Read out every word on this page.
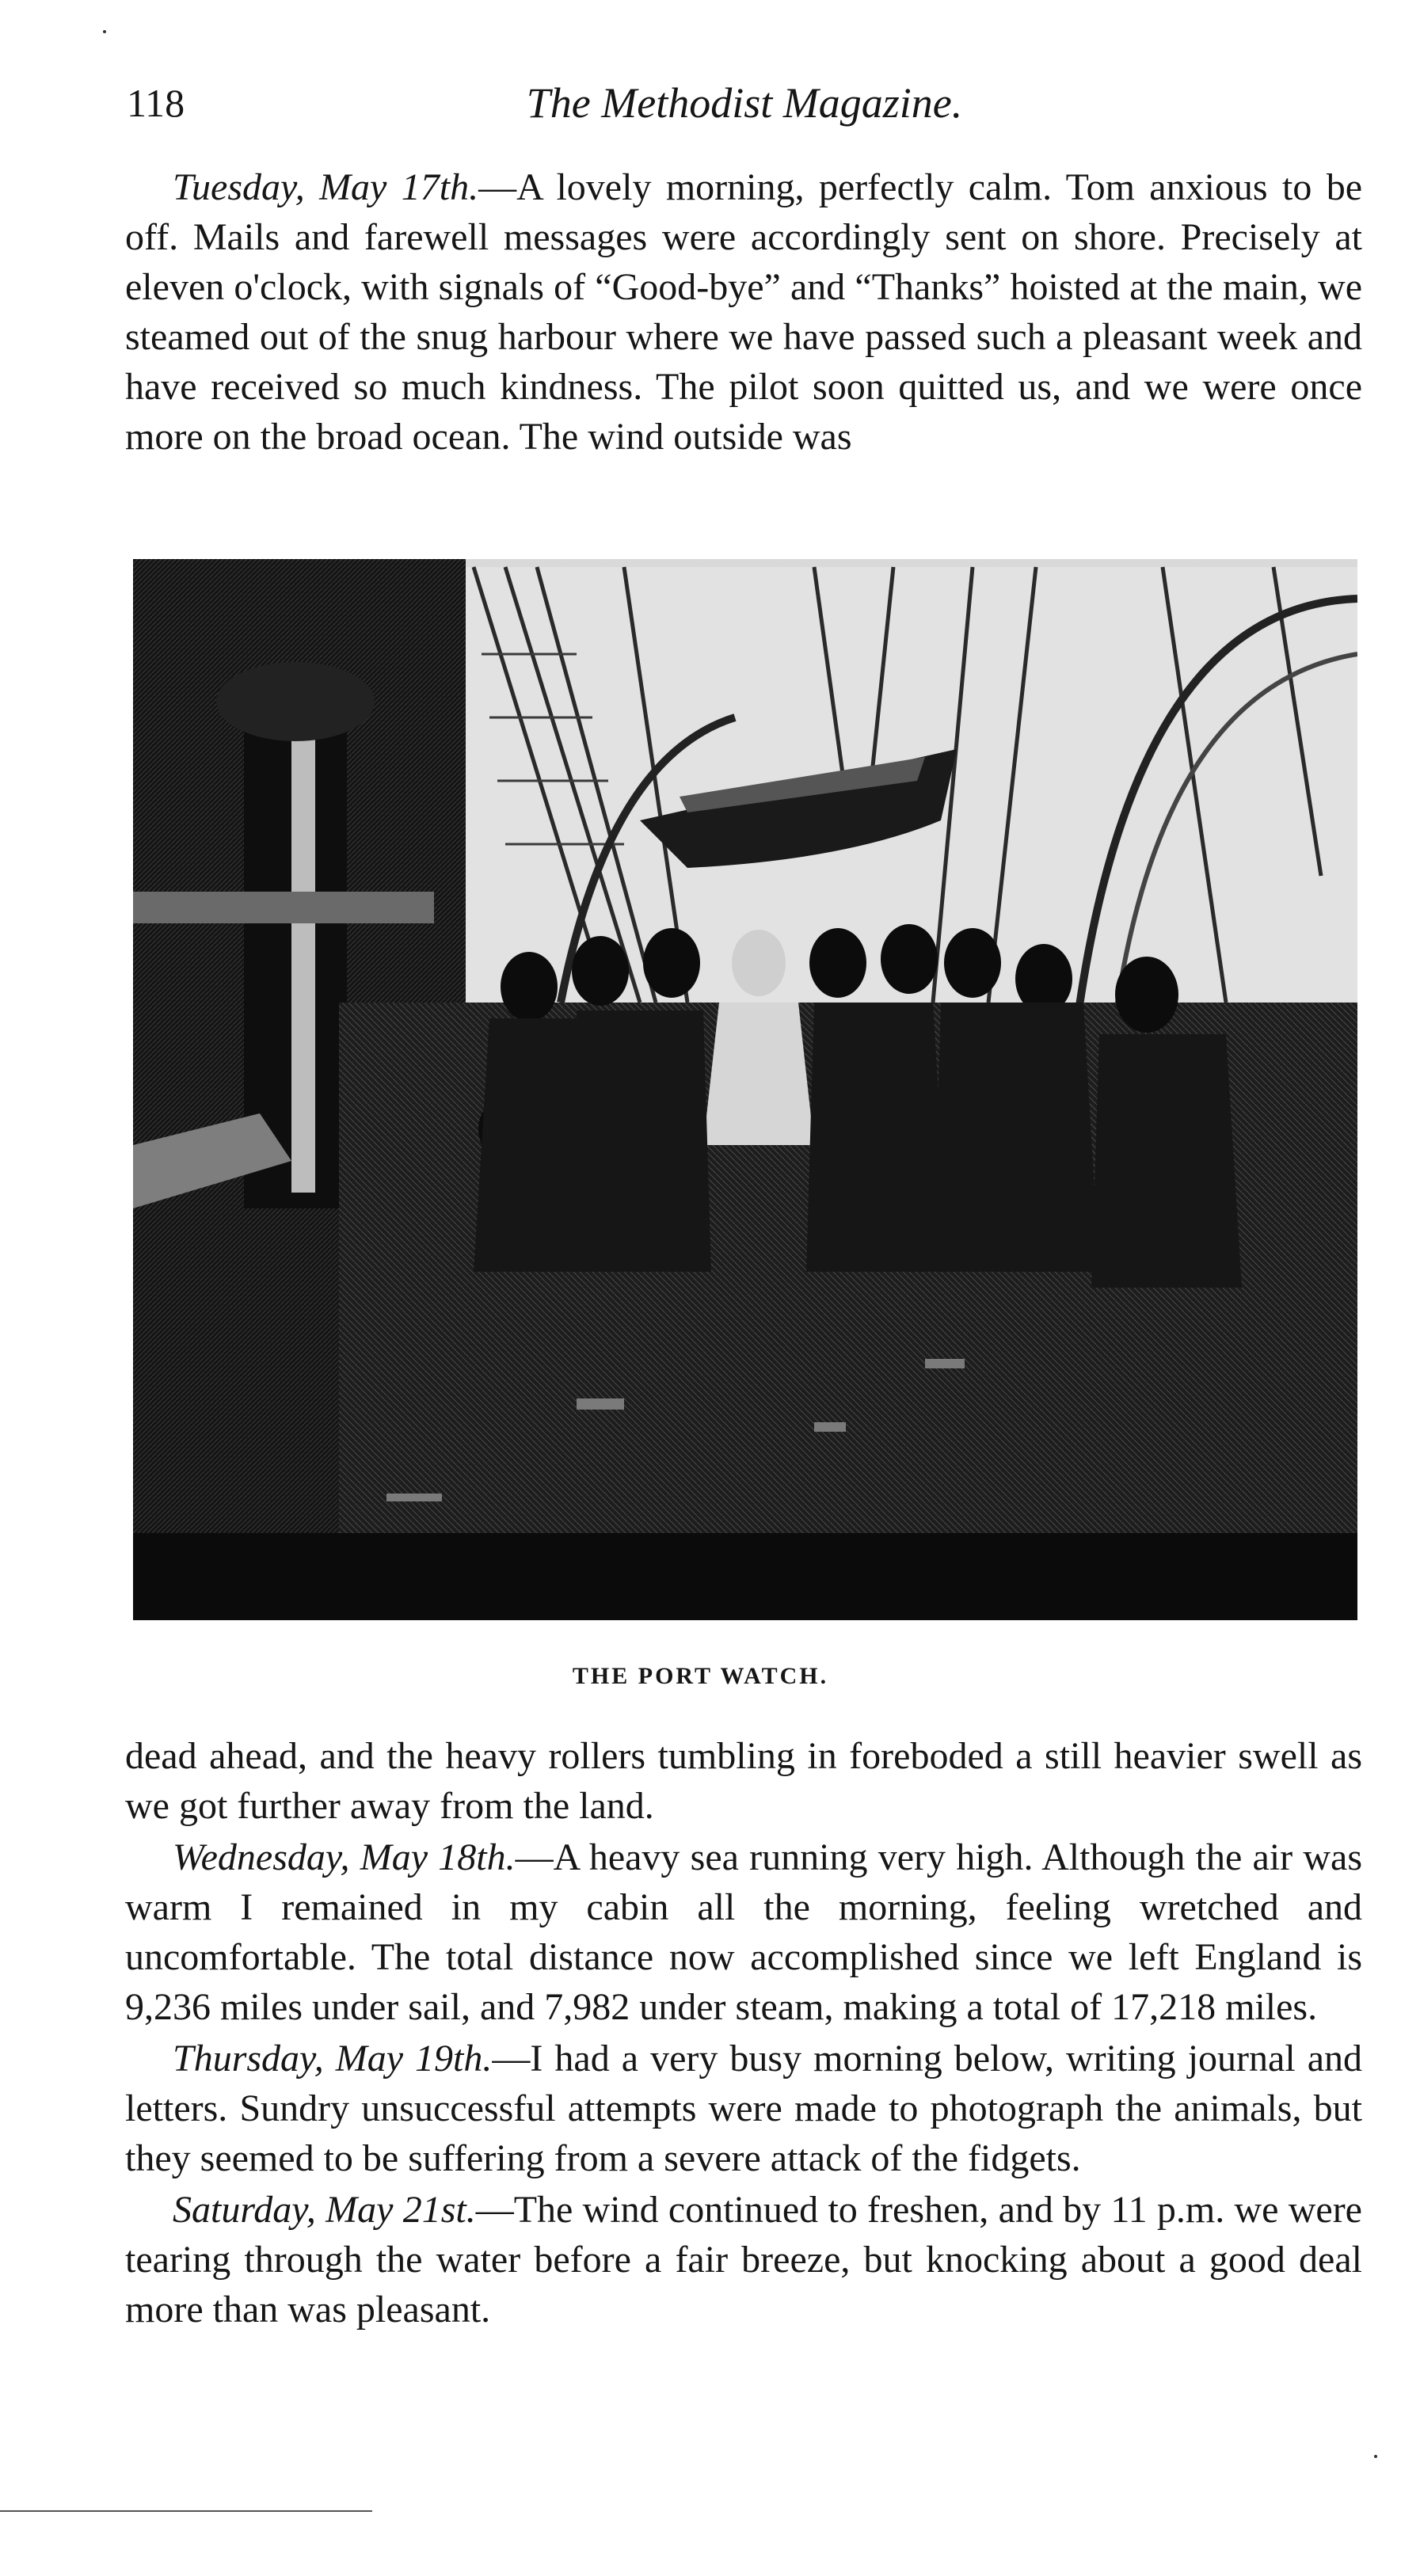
118	The Methodist Magazine.

Tuesday, May 17th.—A lovely morning, perfectly calm. Tom anxious to be off. Mails and farewell messages were accordingly sent on shore. Precisely at eleven o'clock, with signals of “Good-bye” and “Thanks” hoisted at the main, we steamed out of the snug harbour where we have passed such a pleasant week and have received so much kindness. The pilot soon quitted us, and we were once more on the broad ocean. The wind outside was

THE PORT WATCH.

dead ahead, and the heavy rollers tumbling in foreboded a still heavier swell as we got further away from the land.

Wednesday, May 18th.—A heavy sea running very high. Although the air was warm I remained in my cabin all the morning, feeling wretched and uncomfortable. The total distance now accomplished since we left England is 9,236 miles under sail, and 7,982 under steam, making a total of 17,218 miles.

Thursday, May 19th.—I had a very busy morning below, writing journal and letters. Sundry unsuccessful attempts were made to photograph the animals, but they seemed to be suffering from a severe attack of the fidgets.

Saturday, May 21st.—The wind continued to freshen, and by 11 p.m. we were tearing through the water before a fair breeze, but knocking about a good deal more than was pleasant.
